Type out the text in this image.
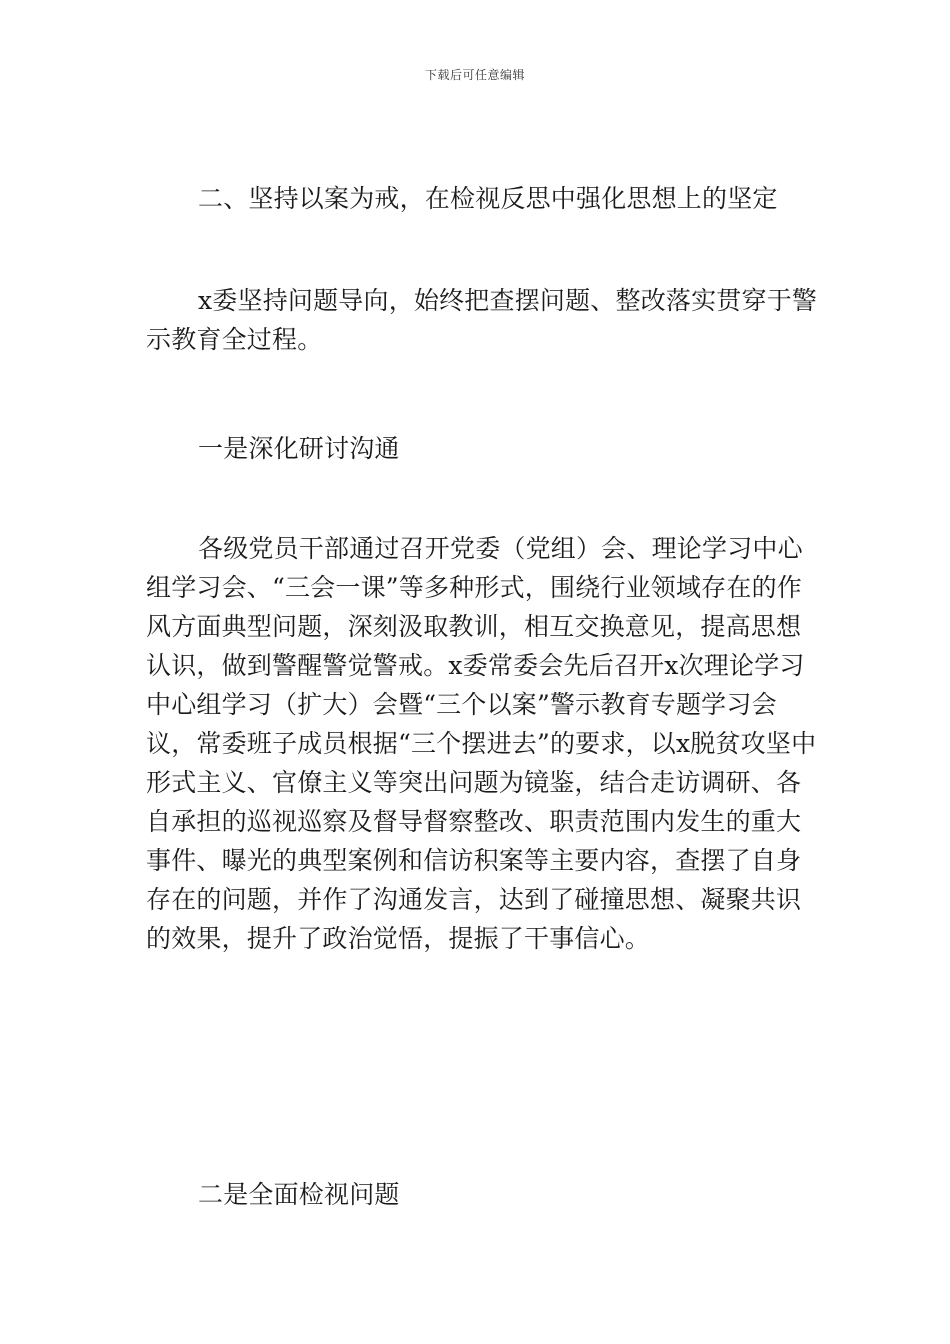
下载后可任意编辑

二、坚持以案为戒，在检视反思中强化思想上的坚定

x委坚持问题导向，始终把查摆问题、整改落实贯穿于警示教育全过程。

一是深化研讨沟通

各级党员干部通过召开党委（党组）会、理论学习中心组学习会、“三会一课”等多种形式，围绕行业领域存在的作风方面典型问题，深刻汲取教训，相互交换意见，提高思想认识，做到警醒警觉警戒。x委常委会先后召开x次理论学习中心组学习（扩大）会暨“三个以案”警示教育专题学习会议，常委班子成员根据“三个摆进去”的要求，以x脱贫攻坚中形式主义、官僚主义等突出问题为镜鉴，结合走访调研、各自承担的巡视巡察及督导督察整改、职责范围内发生的重大事件、曝光的典型案例和信访积案等主要内容，查摆了自身存在的问题，并作了沟通发言，达到了碰撞思想、凝聚共识的效果，提升了政治觉悟，提振了干事信心。

二是全面检视问题
